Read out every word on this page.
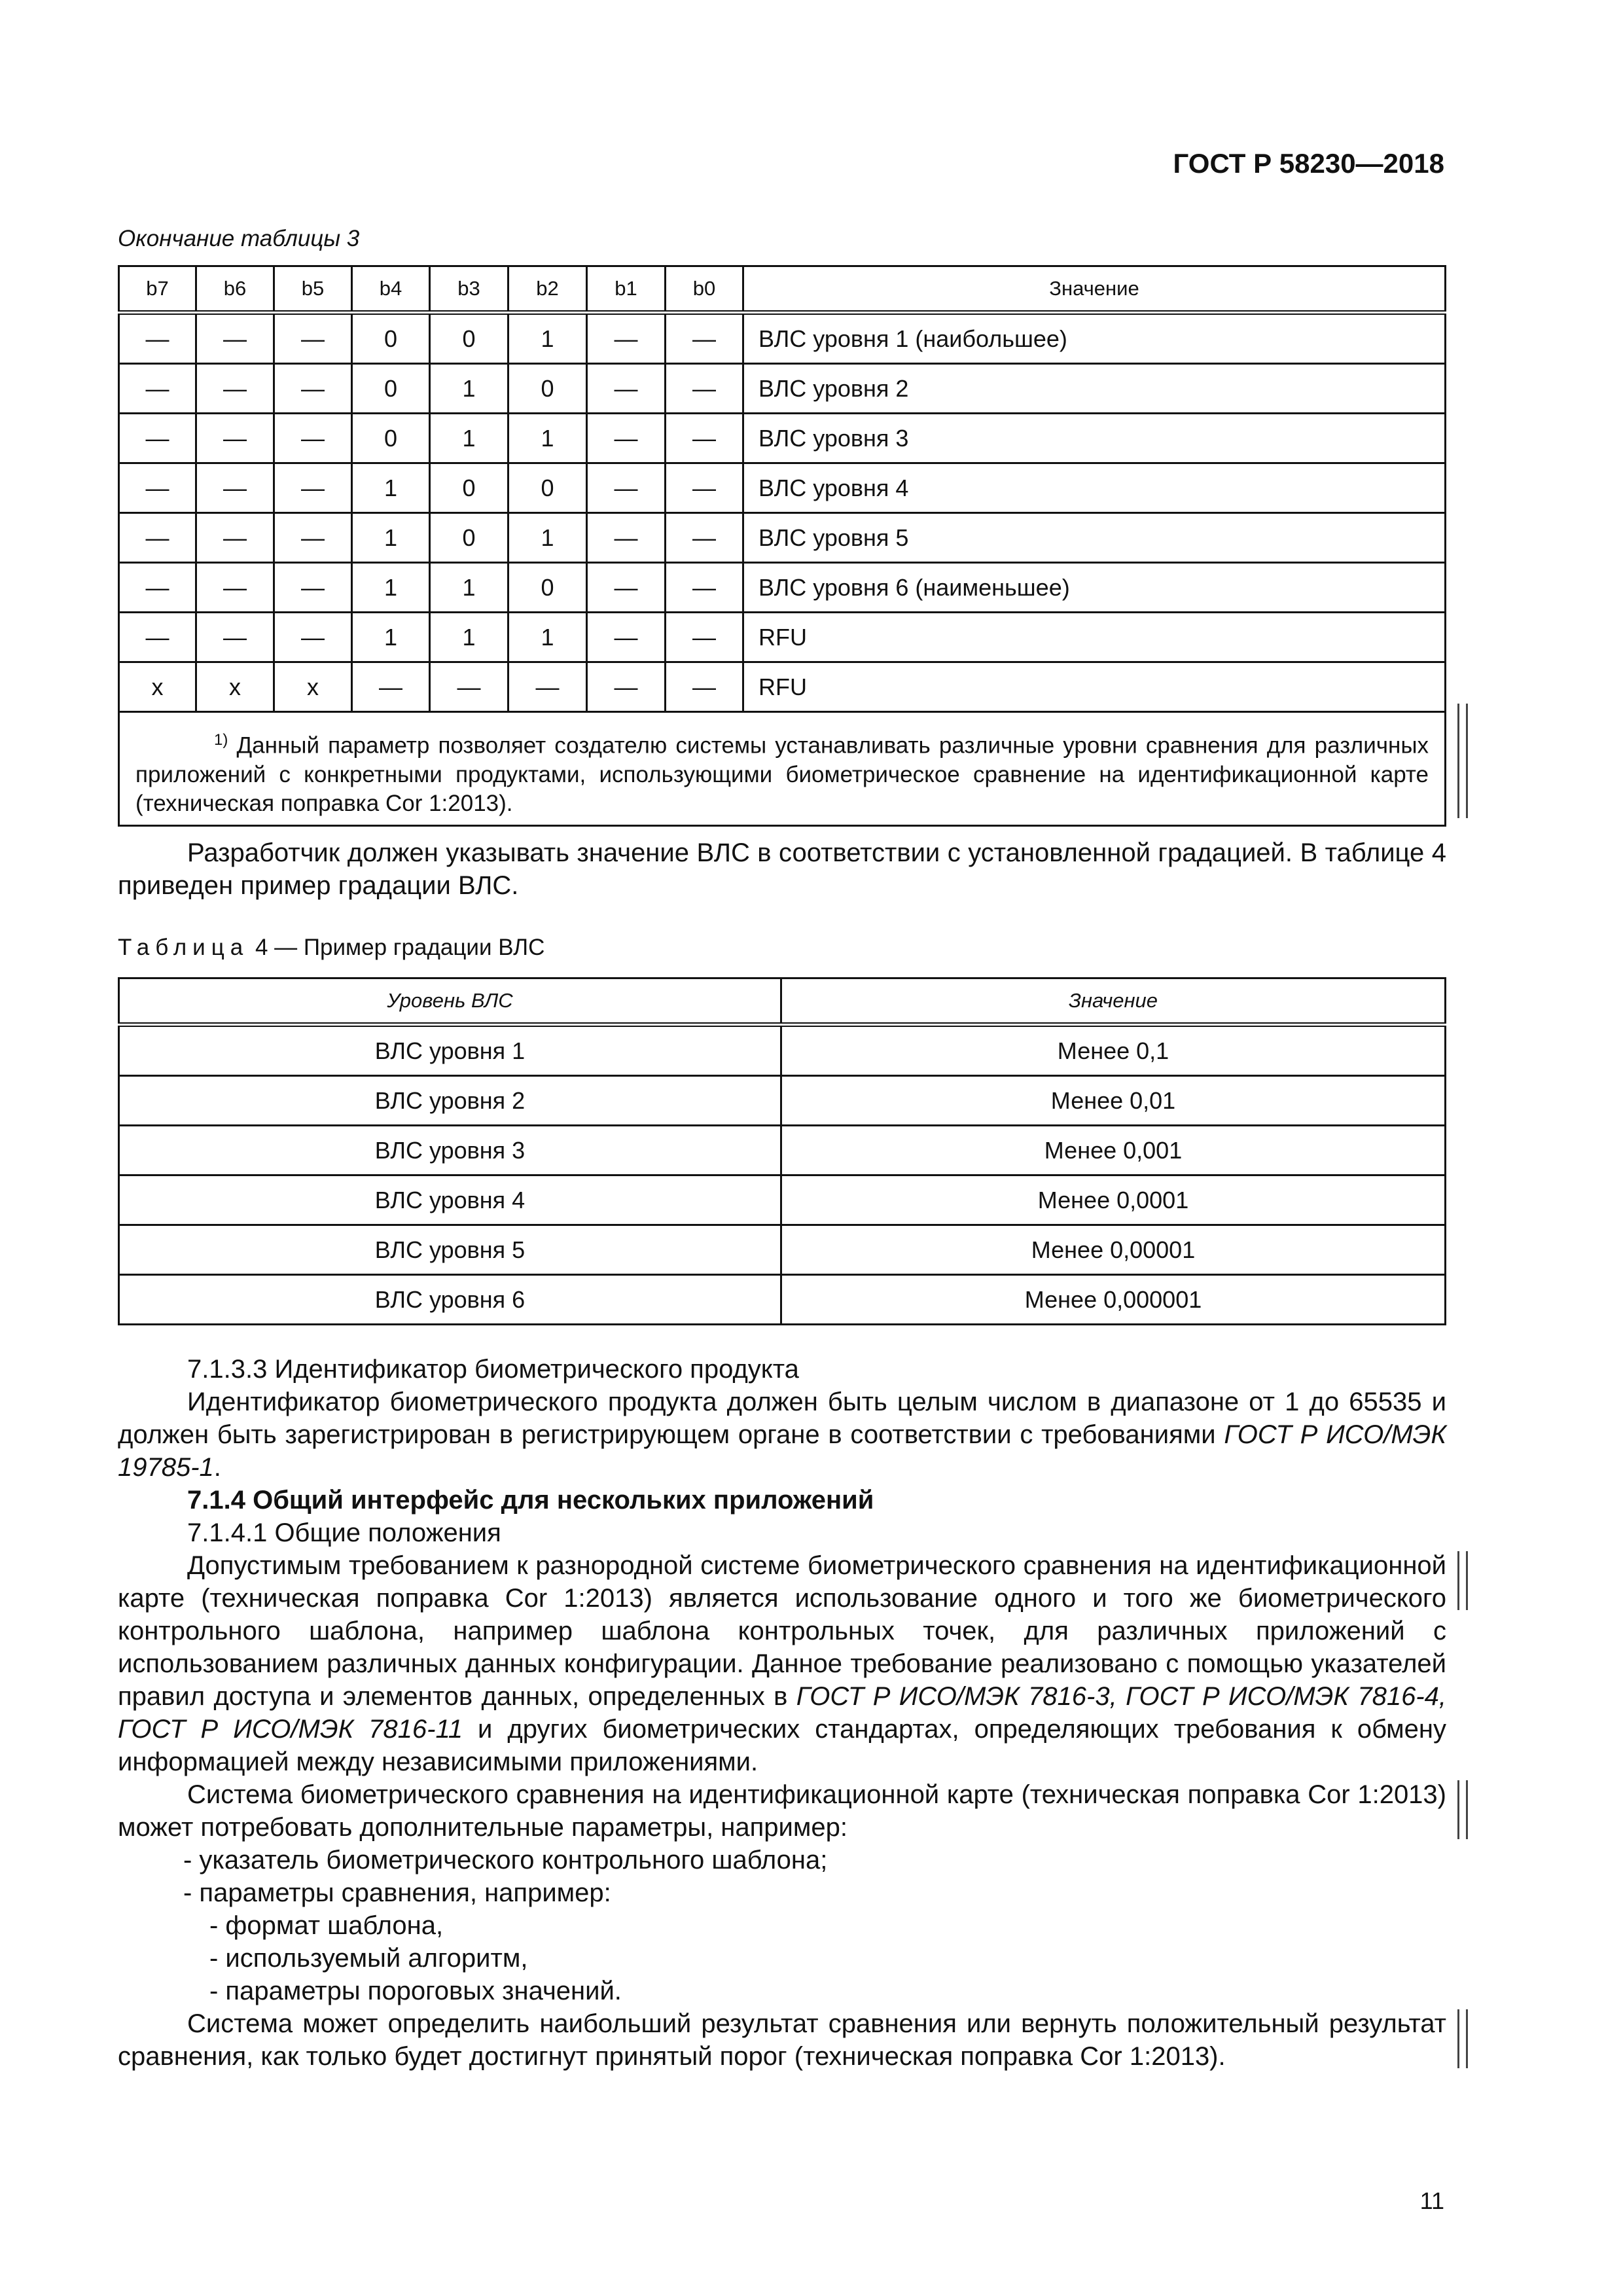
ГОСТ Р 58230—2018
Окончание таблицы 3
b7	b6	b5	b4	b3	b2	b1	b0	Значение
—	—	—	0	0	1	—	—	ВЛС уровня 1 (наибольшее)
—	—	—	0	1	0	—	—	ВЛС уровня 2
—	—	—	0	1	1	—	—	ВЛС уровня 3
—	—	—	1	0	0	—	—	ВЛС уровня 4
—	—	—	1	0	1	—	—	ВЛС уровня 5
—	—	—	1	1	0	—	—	ВЛС уровня 6 (наименьшее)
—	—	—	1	1	1	—	—	RFU
x	x	x	—	—	—	—	—	RFU
$^{1)}$ Данный параметр позволяет создателю системы устанавливать различные уровни сравнения для различных приложений с конкретными продуктами, использующими биометрическое сравнение на идентификационной карте (техническая поправка Cor 1:2013).								
Разработчик должен указывать значение ВЛС в соответствии с установленной градацией. В таблице 4 приведен пример градации ВЛС.
Таблица 4 — Пример градации ВЛС
Уровень ВЛС	Значение
ВЛС уровня 1	Менее 0,1
ВЛС уровня 2	Менее 0,01
ВЛС уровня 3	Менее 0,001
ВЛС уровня 4	Менее 0,0001
ВЛС уровня 5	Менее 0,00001
ВЛС уровня 6	Менее 0,000001
7.1.3.3 Идентификатор биометрического продукта
Идентификатор биометрического продукта должен быть целым числом в диапазоне от 1 до 65535 и должен быть зарегистрирован в регистрирующем органе в соответствии с требованиями ГОСТ Р ИСО/МЭК 19785-1.
7.1.4 Общий интерфейс для нескольких приложений
7.1.4.1 Общие положения
Допустимым требованием к разнородной системе биометрического сравнения на идентификационной карте (техническая поправка Cor 1:2013) является использование одного и того же биометрического контрольного шаблона, например шаблона контрольных точек, для различных приложений с использованием различных данных конфигурации. Данное требование реализовано с помощью указателей правил доступа и элементов данных, определенных в ГОСТ Р ИСО/МЭК 7816-3, ГОСТ Р ИСО/МЭК 7816-4, ГОСТ Р ИСО/МЭК 7816-11 и других биометрических стандартах, определяющих требования к обмену информацией между независимыми приложениями.
Система биометрического сравнения на идентификационной карте (техническая поправка Cor 1:2013) может потребовать дополнительные параметры, например:
- указатель биометрического контрольного шаблона;
- параметры сравнения, например:
- формат шаблона,
- используемый алгоритм,
- параметры пороговых значений.
Система может определить наибольший результат сравнения или вернуть положительный результат сравнения, как только будет достигнут принятый порог (техническая поправка Cor 1:2013).
11
